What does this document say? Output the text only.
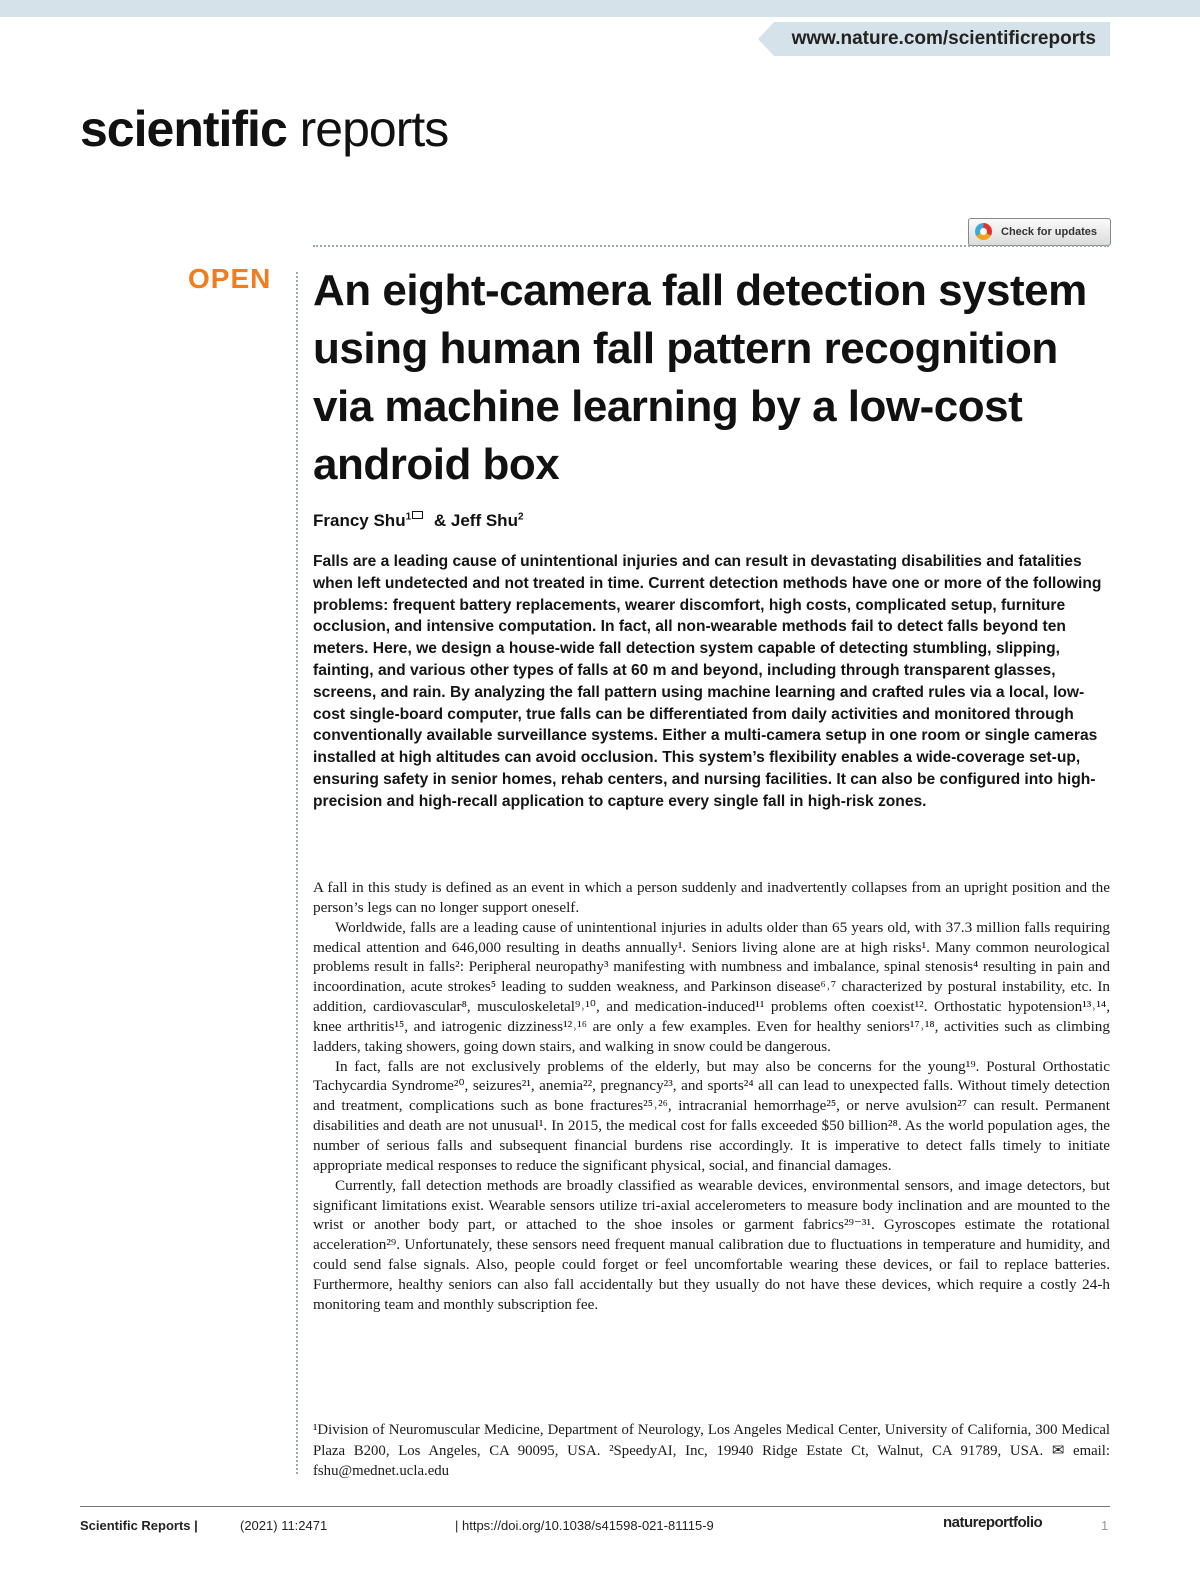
www.nature.com/scientificreports
scientific reports
Check for updates
OPEN An eight-camera fall detection system using human fall pattern recognition via machine learning by a low-cost android box
Francy Shu$^1$ & Jeff Shu$^2$

Falls are a leading cause of unintentional injuries and can result in devastating disabilities and fatalities when left undetected and not treated in time. Current detection methods have one or more of the following problems: frequent battery replacements, wearer discomfort, high costs, complicated setup, furniture occlusion, and intensive computation. In fact, all non-wearable methods fail to detect falls beyond ten meters. Here, we design a house-wide fall detection system capable of detecting stumbling, slipping, fainting, and various other types of falls at 60 m and beyond, including through transparent glasses, screens, and rain. By analyzing the fall pattern using machine learning and crafted rules via a local, low-cost single-board computer, true falls can be differentiated from daily activities and monitored through conventionally available surveillance systems. Either a multi-camera setup in one room or single cameras installed at high altitudes can avoid occlusion. This system’s flexibility enables a wide-coverage set-up, ensuring safety in senior homes, rehab centers, and nursing facilities. It can also be configured into high-precision and high-recall application to capture every single fall in high-risk zones.

A fall in this study is defined as an event in which a person suddenly and inadvertently collapses from an upright position and the person’s legs can no longer support oneself.

Worldwide, falls are a leading cause of unintentional injuries in adults older than 65 years old, with 37.3 million falls requiring medical attention and 646,000 resulting in deaths annually¹. Seniors living alone are at high risks¹. Many common neurological problems result in falls²: Peripheral neuropathy³ manifesting with numbness and imbalance, spinal stenosis⁴ resulting in pain and incoordination, acute strokes⁵ leading to sudden weakness, and Parkinson disease⁶˒⁷ characterized by postural instability, etc. In addition, cardiovascular⁸, musculoskeletal⁹˒¹⁰, and medication-induced¹¹ problems often coexist¹². Orthostatic hypotension¹³˒¹⁴, knee arthritis¹⁵, and iatrogenic dizziness¹²˒¹⁶ are only a few examples. Even for healthy seniors¹⁷˒¹⁸, activities such as climbing ladders, taking showers, going down stairs, and walking in snow could be dangerous.

In fact, falls are not exclusively problems of the elderly, but may also be concerns for the young¹⁹. Postural Orthostatic Tachycardia Syndrome²⁰, seizures²¹, anemia²², pregnancy²³, and sports²⁴ all can lead to unexpected falls. Without timely detection and treatment, complications such as bone fractures²⁵˒²⁶, intracranial hemorrhage²⁵, or nerve avulsion²⁷ can result. Permanent disabilities and death are not unusual¹. In 2015, the medical cost for falls exceeded $50 billion²⁸. As the world population ages, the number of serious falls and subsequent financial burdens rise accordingly. It is imperative to detect falls timely to initiate appropriate medical responses to reduce the significant physical, social, and financial damages.

Currently, fall detection methods are broadly classified as wearable devices, environmental sensors, and image detectors, but significant limitations exist. Wearable sensors utilize tri-axial accelerometers to measure body inclination and are mounted to the wrist or another body part, or attached to the shoe insoles or garment fabrics²⁹⁻³¹. Gyroscopes estimate the rotational acceleration²⁹. Unfortunately, these sensors need frequent manual calibration due to fluctuations in temperature and humidity, and could send false signals. Also, people could forget or feel uncomfortable wearing these devices, or fail to replace batteries. Furthermore, healthy seniors can also fall accidentally but they usually do not have these devices, which require a costly 24-h monitoring team and monthly subscription fee.

¹Division of Neuromuscular Medicine, Department of Neurology, Los Angeles Medical Center, University of California, 300 Medical Plaza B200, Los Angeles, CA 90095, USA. ²SpeedyAI, Inc, 19940 Ridge Estate Ct, Walnut, CA 91789, USA. ✉ email: fshu@mednet.ucla.edu
Scientific Reports |	(2021) 11:2471	| https://doi.org/10.1038/s41598-021-81115-9	natureportfolio	1
